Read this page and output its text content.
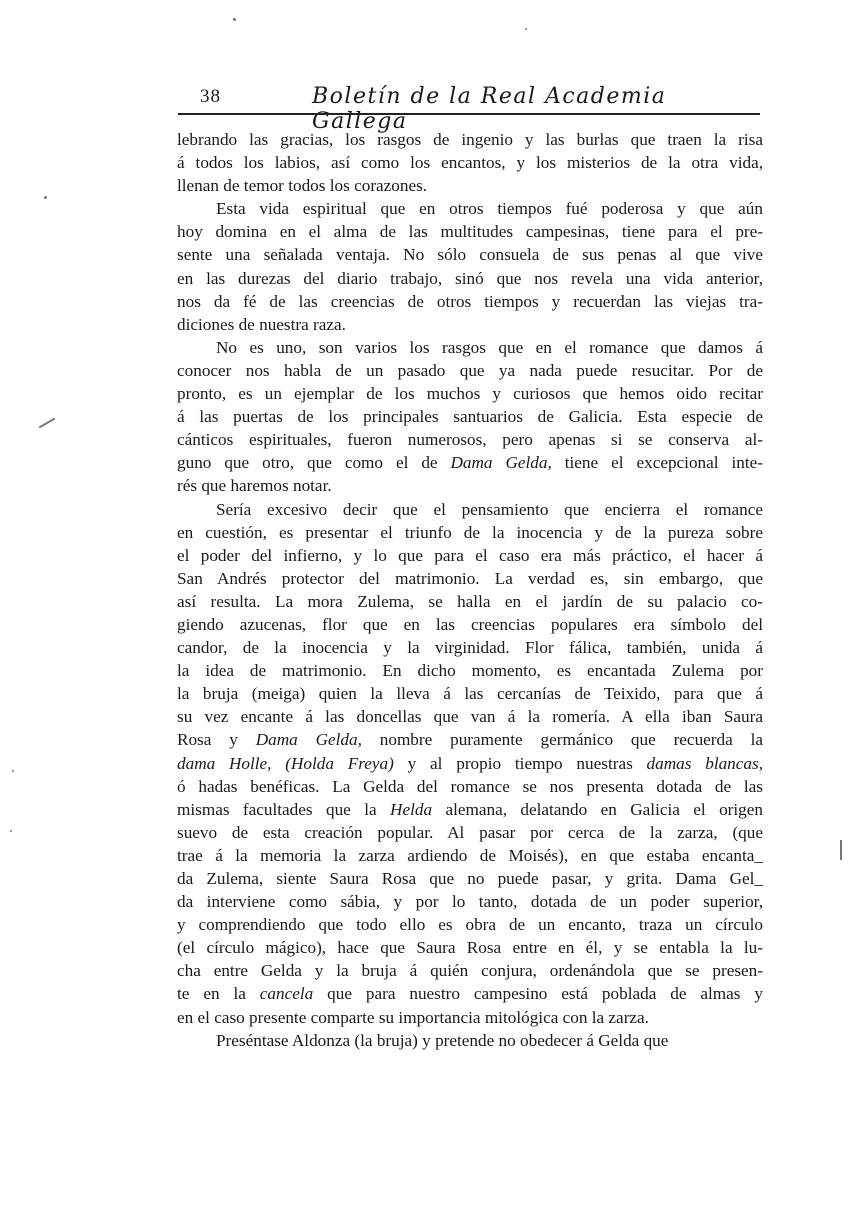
38	Boletín de la Real Academia Gallega
lebrando las gracias, los rasgos de ingenio y las burlas que traen la risa
á todos los labios, así como los encantos, y los misterios de la otra vida,
llenan de temor todos los corazones.
Esta vida espiritual que en otros tiempos fué poderosa y que aún
hoy domina en el alma de las multitudes campesinas, tiene para el pre-
sente una señalada ventaja. No sólo consuela de sus penas al que vive
en las durezas del diario trabajo, sinó que nos revela una vida anterior,
nos da fé de las creencias de otros tiempos y recuerdan las viejas tra-
diciones de nuestra raza.
No es uno, son varios los rasgos que en el romance que damos á
conocer nos habla de un pasado que ya nada puede resucitar. Por de
pronto, es un ejemplar de los muchos y curiosos que hemos oido recitar
á las puertas de los principales santuarios de Galicia. Esta especie de
cánticos espirituales, fueron numerosos, pero apenas si se conserva al-
guno que otro, que como el de Dama Gelda, tiene el excepcional inte-
rés que haremos notar.
Sería excesivo decir que el pensamiento que encierra el romance
en cuestión, es presentar el triunfo de la inocencia y de la pureza sobre
el poder del infierno, y lo que para el caso era más práctico, el hacer á
San Andrés protector del matrimonio. La verdad es, sin embargo, que
así resulta. La mora Zulema, se halla en el jardín de su palacio co-
giendo azucenas, flor que en las creencias populares era símbolo del
candor, de la inocencia y la virginidad. Flor fálica, también, unida á
la idea de matrimonio. En dicho momento, es encantada Zulema por
la bruja (meiga) quien la lleva á las cercanías de Teixido, para que á
su vez encante á las doncellas que van á la romería. A ella iban Saura
Rosa y Dama Gelda, nombre puramente germánico que recuerda la
dama Holle, (Holda Freya) y al propio tiempo nuestras damas blancas,
ó hadas benéficas. La Gelda del romance se nos presenta dotada de las
mismas facultades que la Helda alemana, delatando en Galicia el origen
suevo de esta creación popular. Al pasar por cerca de la zarza, (que
trae á la memoria la zarza ardiendo de Moisés), en que estaba encanta_
da Zulema, siente Saura Rosa que no puede pasar, y grita. Dama Gel_
da interviene como sábia, y por lo tanto, dotada de un poder superior,
y comprendiendo que todo ello es obra de un encanto, traza un círculo
(el círculo mágico), hace que Saura Rosa entre en él, y se entabla la lu-
cha entre Gelda y la bruja á quién conjura, ordenándola que se presen-
te en la cancela que para nuestro campesino está poblada de almas y
en el caso presente comparte su importancia mitológica con la zarza.
Preséntase Aldonza (la bruja) y pretende no obedecer á Gelda que
